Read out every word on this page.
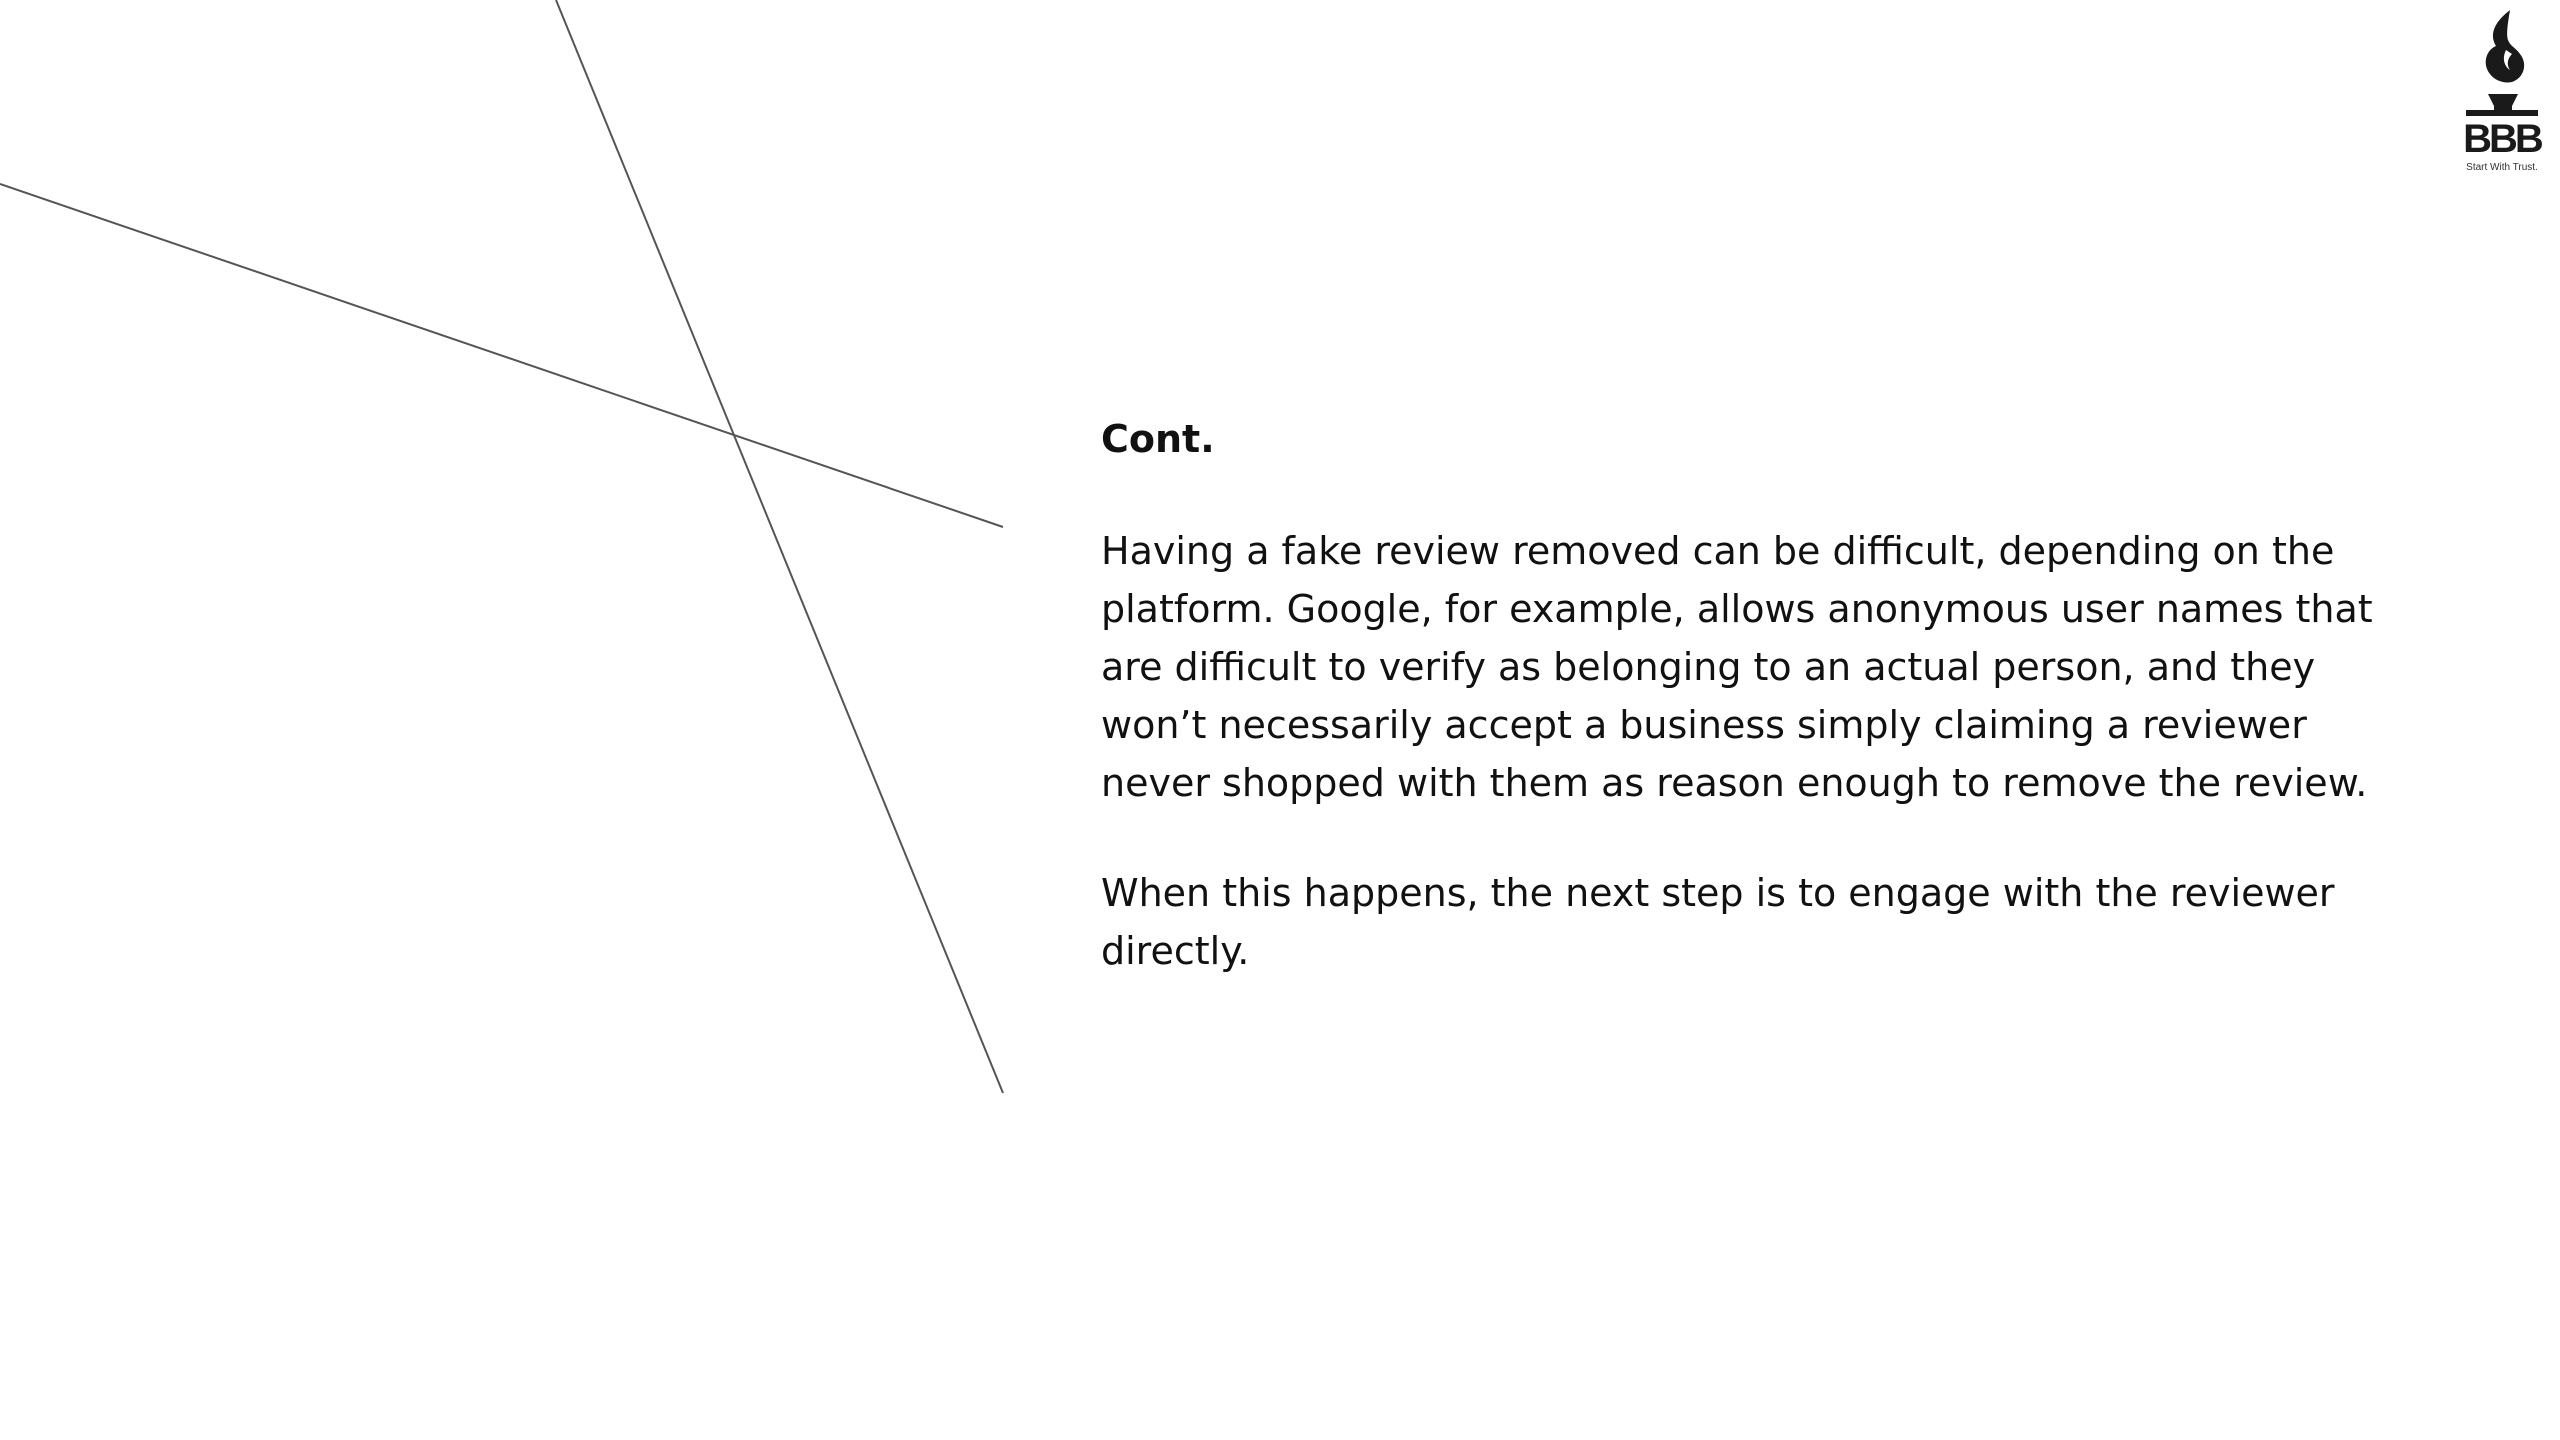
BBB
Start With Trust.
Cont.

Having a fake review removed can be difficult, depending on the platform. Google, for example, allows anonymous user names that are difficult to verify as belonging to an actual person, and they won’t necessarily accept a business simply claiming a reviewer never shopped with them as reason enough to remove the review.

When this happens, the next step is to engage with the reviewer directly.
